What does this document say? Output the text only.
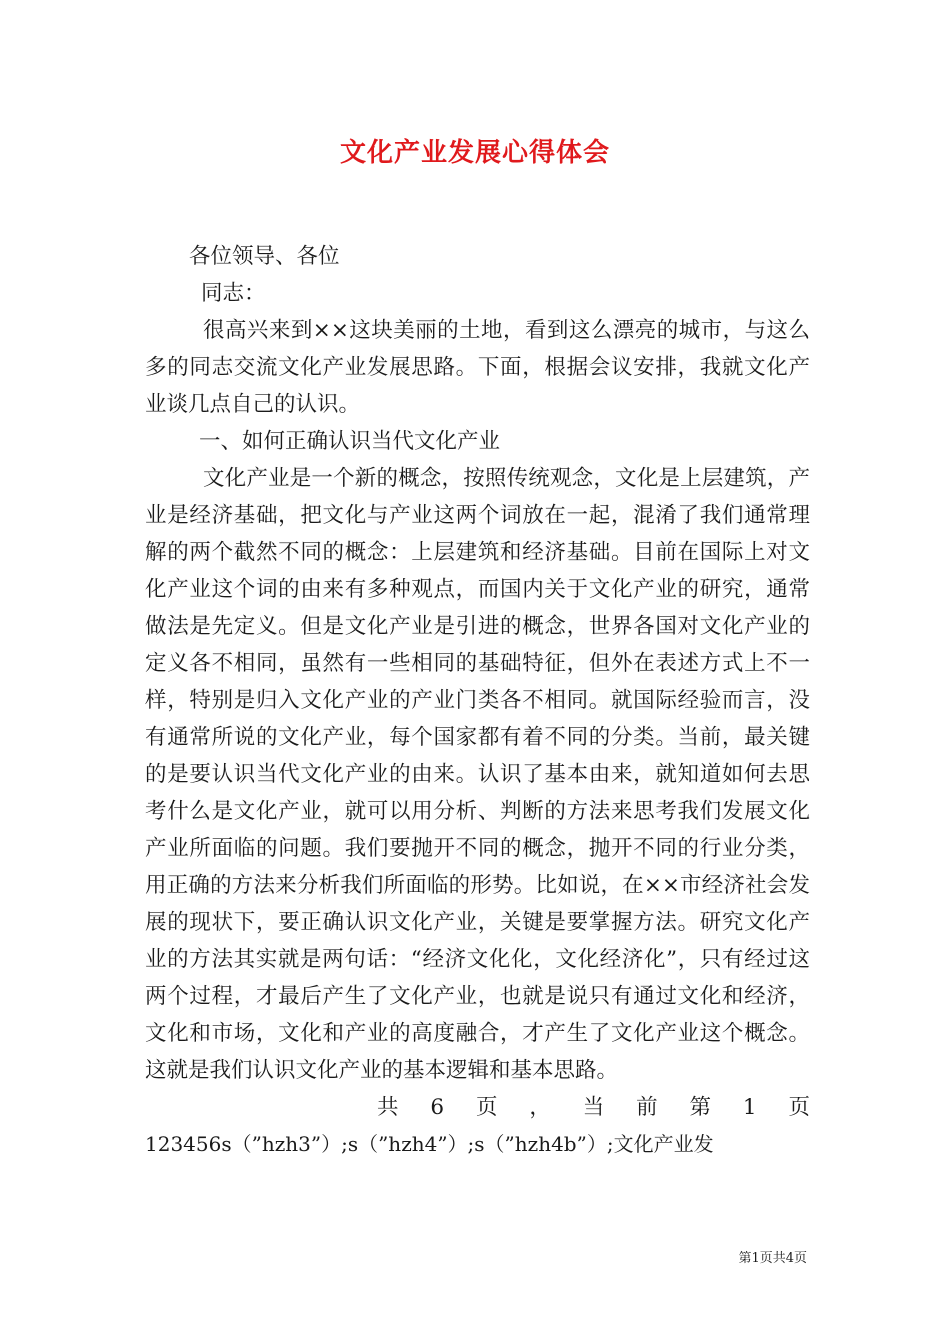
文化产业发展心得体会

各位领导、各位

同志：

很高兴来到××这块美丽的土地，看到这么漂亮的城市，与这么多的同志交流文化产业发展思路。下面，根据会议安排，我就文化产业谈几点自己的认识。

一、如何正确认识当代文化产业

文化产业是一个新的概念，按照传统观念，文化是上层建筑，产业是经济基础，把文化与产业这两个词放在一起，混淆了我们通常理解的两个截然不同的概念：上层建筑和经济基础。目前在国际上对文化产业这个词的由来有多种观点，而国内关于文化产业的研究，通常做法是先定义。但是文化产业是引进的概念，世界各国对文化产业的定义各不相同，虽然有一些相同的基础特征，但外在表述方式上不一样，特别是归入文化产业的产业门类各不相同。就国际经验而言，没有通常所说的文化产业，每个国家都有着不同的分类。当前，最关键的是要认识当代文化产业的由来。认识了基本由来，就知道如何去思考什么是文化产业，就可以用分析、判断的方法来思考我们发展文化产业所面临的问题。我们要抛开不同的概念，抛开不同的行业分类，用正确的方法来分析我们所面临的形势。比如说，在××市经济社会发展的现状下，要正确认识文化产业，关键是要掌握方法。研究文化产业的方法其实就是两句话：“经济文化化，文化经济化”，只有经过这两个过程，才最后产生了文化产业，也就是说只有通过文化和经济，文化和市场，文化和产业的高度融合，才产生了文化产业这个概念。这就是我们认识文化产业的基本逻辑和基本思路。

共 6 页 ， 当 前 第 1 页

123456s（”hzh3”）;s（”hzh4”）;s（”hzh4b”）;文化产业发

第1页共4页
